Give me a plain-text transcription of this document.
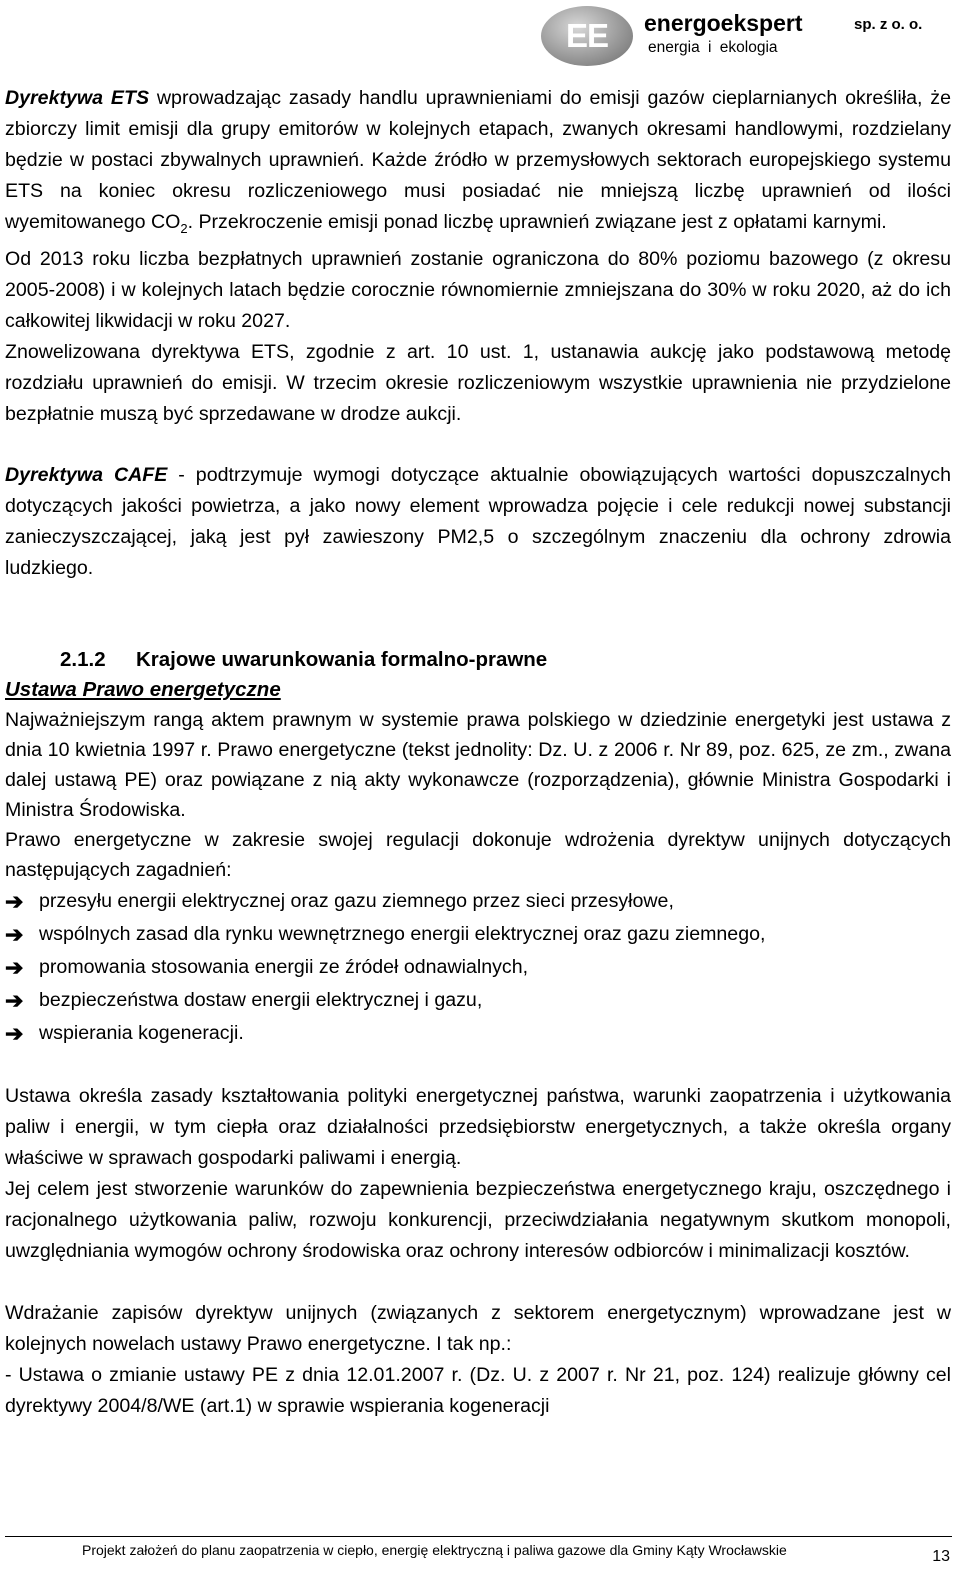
EE	energoekspert	sp. z o. o.
energia i ekologia

Dyrektywa ETS wprowadzając zasady handlu uprawnieniami do emisji gazów cieplarnianych określiła, że zbiorczy limit emisji dla grupy emitorów w kolejnych etapach, zwanych okresami handlowymi, rozdzielany będzie w postaci zbywalnych uprawnień. Każde źródło w przemysłowych sektorach europejskiego systemu ETS na koniec okresu rozliczeniowego musi posiadać nie mniejszą liczbę uprawnień od ilości wyemitowanego $CO_2$. Przekroczenie emisji ponad liczbę uprawnień związane jest z opłatami karnymi.

Od 2013 roku liczba bezpłatnych uprawnień zostanie ograniczona do 80% poziomu bazowego (z okresu 2005-2008) i w kolejnych latach będzie corocznie równomiernie zmniejszana do 30% w roku 2020, aż do ich całkowitej likwidacji w roku 2027.

Znowelizowana dyrektywa ETS, zgodnie z art. 10 ust. 1, ustanawia aukcję jako podstawową metodę rozdziału uprawnień do emisji. W trzecim okresie rozliczeniowym wszystkie uprawnienia nie przydzielone bezpłatnie muszą być sprzedawane w drodze aukcji.

Dyrektywa CAFE - podtrzymuje wymogi dotyczące aktualnie obowiązujących wartości dopuszczalnych dotyczących jakości powietrza, a jako nowy element wprowadza pojęcie i cele redukcji nowej substancji zanieczyszczającej, jaką jest pył zawieszony PM2,5 o szczególnym znaczeniu dla ochrony zdrowia ludzkiego.

2.1.2 Krajowe uwarunkowania formalno-prawne
Ustawa Prawo energetyczne

Najważniejszym rangą aktem prawnym w systemie prawa polskiego w dziedzinie energetyki jest ustawa z dnia 10 kwietnia 1997 r. Prawo energetyczne (tekst jednolity: Dz. U. z 2006 r. Nr 89, poz. 625, ze zm., zwana dalej ustawą PE) oraz powiązane z nią akty wykonawcze (rozporządzenia), głównie Ministra Gospodarki i Ministra Środowiska.

Prawo energetyczne w zakresie swojej regulacji dokonuje wdrożenia dyrektyw unijnych dotyczących następujących zagadnień:

➔ przesyłu energii elektrycznej oraz gazu ziemnego przez sieci przesyłowe,
➔ wspólnych zasad dla rynku wewnętrznego energii elektrycznej oraz gazu ziemnego,
➔ promowania stosowania energii ze źródeł odnawialnych,
➔ bezpieczeństwa dostaw energii elektrycznej i gazu,
➔ wspierania kogeneracji.

Ustawa określa zasady kształtowania polityki energetycznej państwa, warunki zaopatrzenia i użytkowania paliw i energii, w tym ciepła oraz działalności przedsiębiorstw energetycznych, a także określa organy właściwe w sprawach gospodarki paliwami i energią.

Jej celem jest stworzenie warunków do zapewnienia bezpieczeństwa energetycznego kraju, oszczędnego i racjonalnego użytkowania paliw, rozwoju konkurencji, przeciwdziałania negatywnym skutkom monopoli, uwzględniania wymogów ochrony środowiska oraz ochrony interesów odbiorców i minimalizacji kosztów.

Wdrażanie zapisów dyrektyw unijnych (związanych z sektorem energetycznym) wprowadzane jest w kolejnych nowelach ustawy Prawo energetyczne. I tak np.:

- Ustawa o zmianie ustawy PE z dnia 12.01.2007 r. (Dz. U. z 2007 r. Nr 21, poz. 124) realizuje główny cel dyrektywy 2004/8/WE (art.1) w sprawie wspierania kogeneracji

Projekt założeń do planu zaopatrzenia w ciepło, energię elektryczną i paliwa gazowe dla Gminy Kąty Wrocławskie	13
